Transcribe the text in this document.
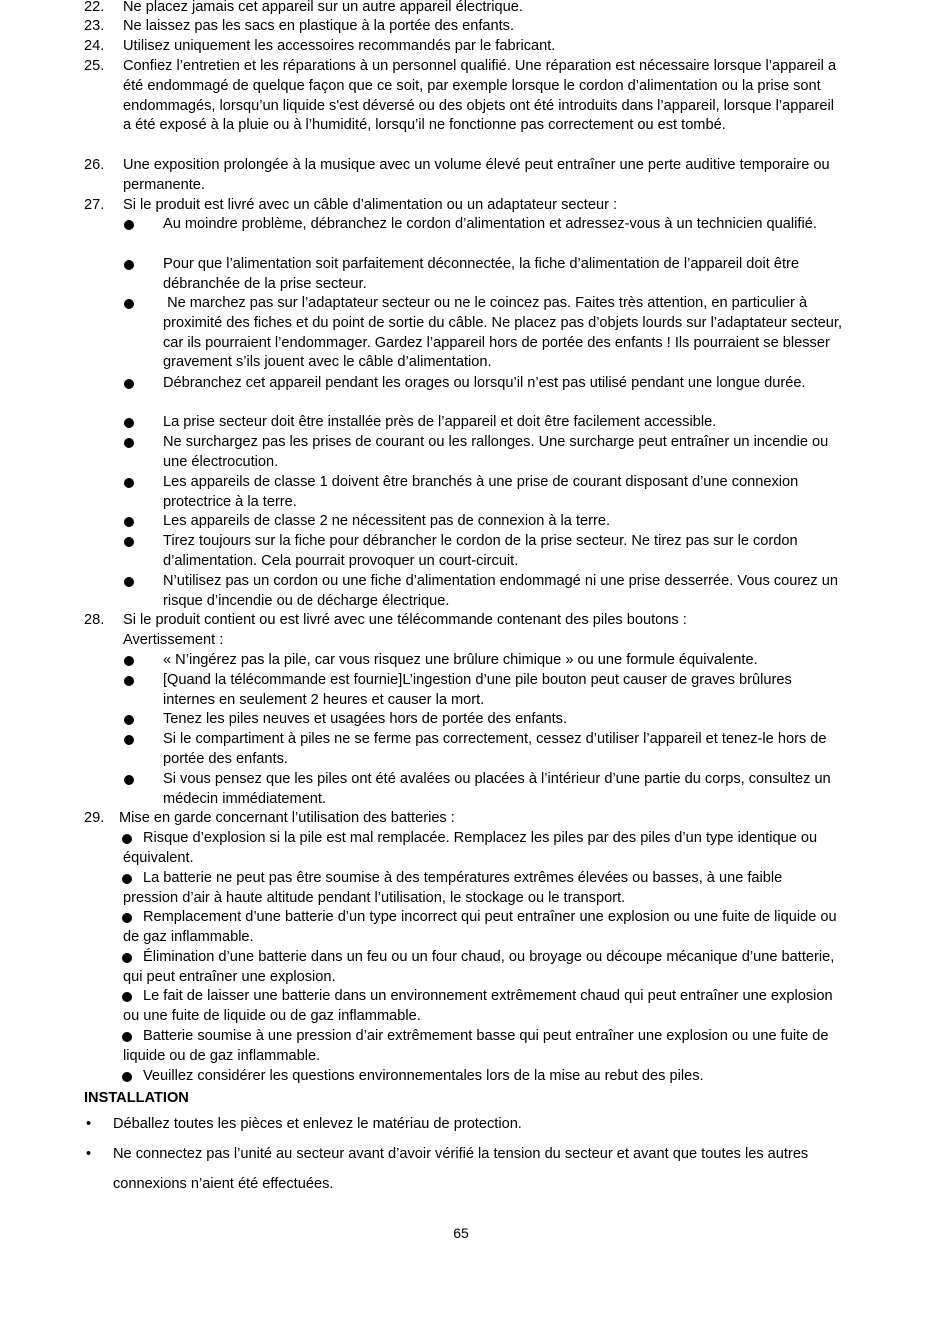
22.	Ne placez jamais cet appareil sur un autre appareil électrique.
23.	Ne laissez pas les sacs en plastique à la portée des enfants.
24.	Utilisez uniquement les accessoires recommandés par le fabricant.
25.	Confiez l’entretien et les réparations à un personnel qualifié. Une réparation est nécessaire lorsque l’appareil a été endommagé de quelque façon que ce soit, par exemple lorsque le cordon d’alimentation ou la prise sont endommagés, lorsqu’un liquide s'est déversé ou des objets ont été introduits dans l’appareil, lorsque l’appareil a été exposé à la pluie ou à l’humidité, lorsqu’il ne fonctionne pas correctement ou est tombé.
26.	Une exposition prolongée à la musique avec un volume élevé peut entraîner une perte auditive temporaire ou permanente.
27.	Si le produit est livré avec un câble d’alimentation ou un adaptateur secteur :
Au moindre problème, débranchez le cordon d’alimentation et adressez-vous à un technicien qualifié.
Pour que l’alimentation soit parfaitement déconnectée, la fiche d’alimentation de l’appareil doit être débranchée de la prise secteur.
Ne marchez pas sur l’adaptateur secteur ou ne le coincez pas. Faites très attention, en particulier à proximité des fiches et du point de sortie du câble. Ne placez pas d’objets lourds sur l’adaptateur secteur, car ils pourraient l’endommager. Gardez l’appareil hors de portée des enfants ! Ils pourraient se blesser gravement s’ils jouent avec le câble d’alimentation.
Débranchez cet appareil pendant les orages ou lorsqu’il n’est pas utilisé pendant une longue durée.
La prise secteur doit être installée près de l’appareil et doit être facilement accessible.
Ne surchargez pas les prises de courant ou les rallonges. Une surcharge peut entraîner un incendie ou une électrocution.
Les appareils de classe 1 doivent être branchés à une prise de courant disposant d’une connexion protectrice à la terre.
Les appareils de classe 2 ne nécessitent pas de connexion à la terre.
Tirez toujours sur la fiche pour débrancher le cordon de la prise secteur. Ne tirez pas sur le cordon d’alimentation. Cela pourrait provoquer un court-circuit.
N’utilisez pas un cordon ou une fiche d’alimentation endommagé ni une prise desserrée. Vous courez un risque d’incendie ou de décharge électrique.
28.	Si le produit contient ou est livré avec une télécommande contenant des piles boutons :
Avertissement :
« N’ingérez pas la pile, car vous risquez une brûlure chimique » ou une formule équivalente.
[Quand la télécommande est fournie]L’ingestion d’une pile bouton peut causer de graves brûlures internes en seulement 2 heures et causer la mort.
Tenez les piles neuves et usagées hors de portée des enfants.
Si le compartiment à piles ne se ferme pas correctement, cessez d’utiliser l’appareil et tenez-le hors de portée des enfants.
Si vous pensez que les piles ont été avalées ou placées à l’intérieur d’une partie du corps, consultez un médecin immédiatement.
29. Mise en garde concernant l’utilisation des batteries :
Risque d’explosion si la pile est mal remplacée. Remplacez les piles par des piles d’un type identique ou équivalent.
La batterie ne peut pas être soumise à des températures extrêmes élevées ou basses, à une faible pression d’air à haute altitude pendant l’utilisation, le stockage ou le transport.
Remplacement d’une batterie d’un type incorrect qui peut entraîner une explosion ou une fuite de liquide ou de gaz inflammable.
Élimination d’une batterie dans un feu ou un four chaud, ou broyage ou découpe mécanique d’une batterie, qui peut entraîner une explosion.
Le fait de laisser une batterie dans un environnement extrêmement chaud qui peut entraîner une explosion ou une fuite de liquide ou de gaz inflammable.
Batterie soumise à une pression d’air extrêmement basse qui peut entraîner une explosion ou une fuite de liquide ou de gaz inflammable.
Veuillez considérer les questions environnementales lors de la mise au rebut des piles.
INSTALLATION
• Déballez toutes les pièces et enlevez le matériau de protection.
• Ne connectez pas l’unité au secteur avant d’avoir vérifié la tension du secteur et avant que toutes les autres connexions n’aient été effectuées.
65
